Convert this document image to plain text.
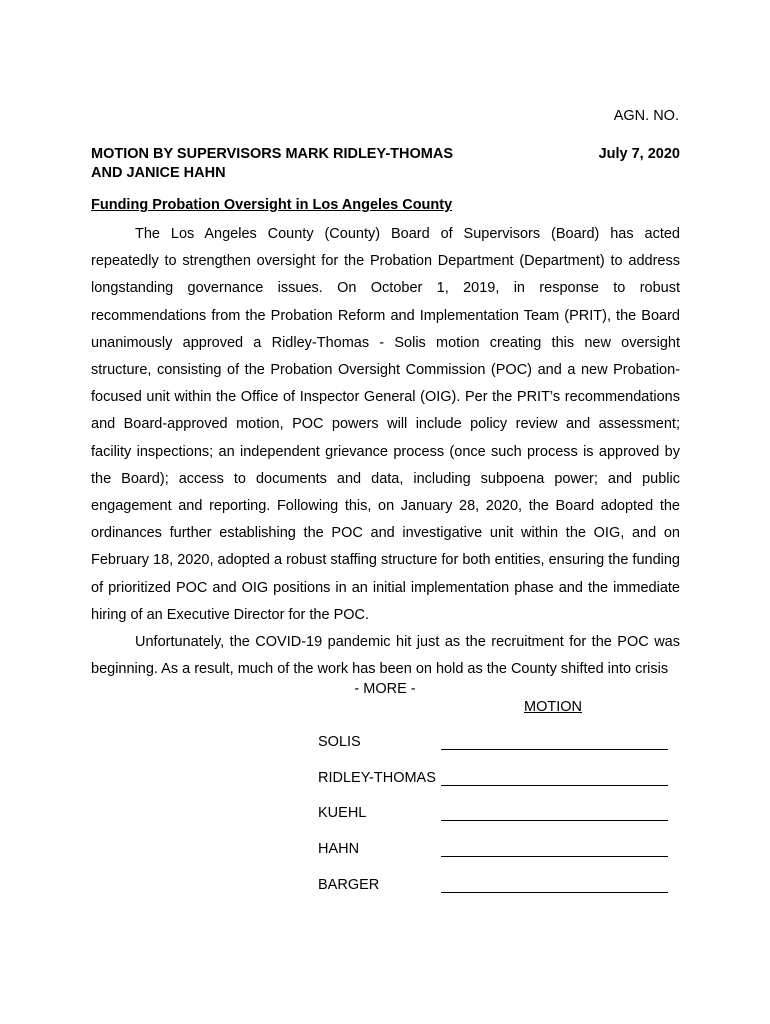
AGN. NO.
MOTION BY SUPERVISORS MARK RIDLEY-THOMAS
AND JANICE HAHN
July 7, 2020
Funding Probation Oversight in Los Angeles County

The Los Angeles County (County) Board of Supervisors (Board) has acted repeatedly to strengthen oversight for the Probation Department (Department) to address longstanding governance issues. On October 1, 2019, in response to robust recommendations from the Probation Reform and Implementation Team (PRIT), the Board unanimously approved a Ridley-Thomas - Solis motion creating this new oversight structure, consisting of the Probation Oversight Commission (POC) and a new Probation-focused unit within the Office of Inspector General (OIG). Per the PRIT’s recommendations and Board-approved motion, POC powers will include policy review and assessment; facility inspections; an independent grievance process (once such process is approved by the Board); access to documents and data, including subpoena power; and public engagement and reporting. Following this, on January 28, 2020, the Board adopted the ordinances further establishing the POC and investigative unit within the OIG, and on February 18, 2020, adopted a robust staffing structure for both entities, ensuring the funding of prioritized POC and OIG positions in an initial implementation phase and the immediate hiring of an Executive Director for the POC.

Unfortunately, the COVID-19 pandemic hit just as the recruitment for the POC was beginning. As a result, much of the work has been on hold as the County shifted into crisis

- MORE -
MOTION
SOLIS
RIDLEY-THOMAS
KUEHL
HAHN
BARGER
